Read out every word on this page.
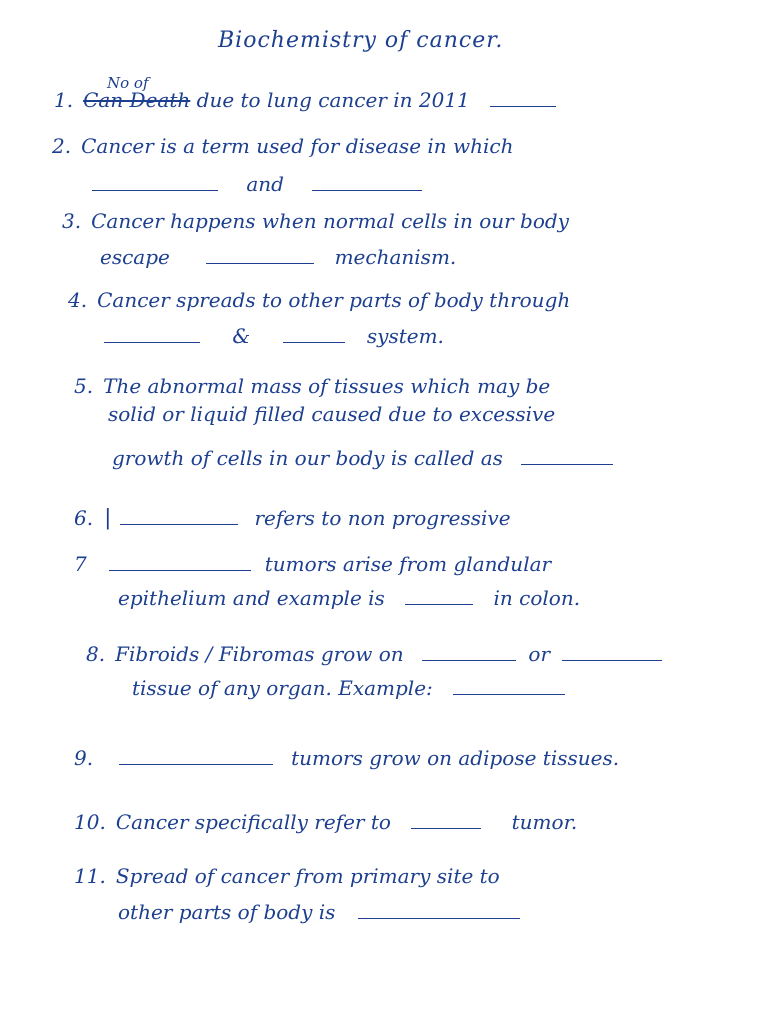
Biochemistry of cancer.
No of
1. Can Death due to lung cancer in 2011
2. Cancer is a term used for disease in which
and
3. Cancer happens when normal cells in our body
escape	mechanism.
4. Cancer spreads to other parts of body through
&	system.
5. The abnormal mass of tissues which may be
solid or liquid filled caused due to excessive
growth of cells in our body is called as
6. ⎮	refers to non progressive
7	tumors arise from glandular
epithelium and example is	in colon.
8. Fibroids / Fibromas grow on	or
tissue of any organ. Example:
9.	tumors grow on adipose tissues.
10. Cancer specifically refer to	tumor.
11. Spread of cancer from primary site to
other parts of body is
